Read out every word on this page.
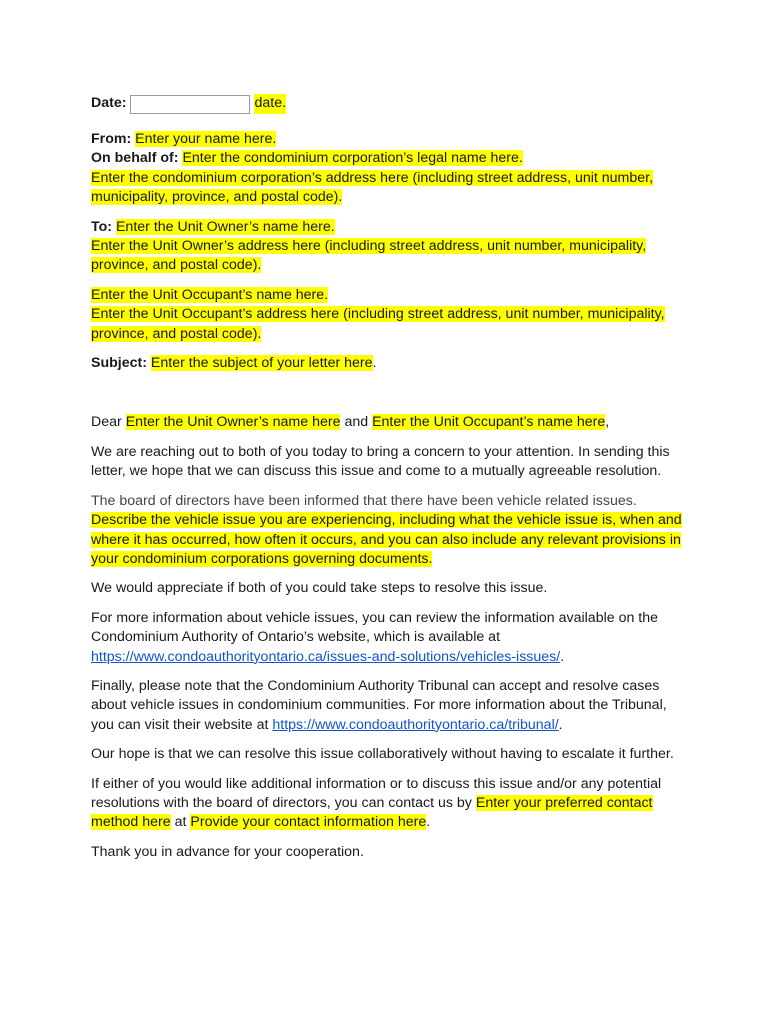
Date:	date.

From: Enter your name here.
On behalf of: Enter the condominium corporation’s legal name here.
Enter the condominium corporation’s address here (including street address, unit number, municipality, province, and postal code).

To: Enter the Unit Owner’s name here.
Enter the Unit Owner’s address here (including street address, unit number, municipality, province, and postal code).

Enter the Unit Occupant’s name here.
Enter the Unit Occupant’s address here (including street address, unit number, municipality, province, and postal code).

Subject: Enter the subject of your letter here.

Dear Enter the Unit Owner’s name here and Enter the Unit Occupant’s name here,

We are reaching out to both of you today to bring a concern to your attention. In sending this letter, we hope that we can discuss this issue and come to a mutually agreeable resolution.

The board of directors have been informed that there have been vehicle related issues.
Describe the vehicle issue you are experiencing, including what the vehicle issue is, when and where it has occurred, how often it occurs, and you can also include any relevant provisions in your condominium corporations governing documents.

We would appreciate if both of you could take steps to resolve this issue.

For more information about vehicle issues, you can review the information available on the Condominium Authority of Ontario’s website, which is available at https://www.condoauthorityontario.ca/issues-and-solutions/vehicles-issues/.

Finally, please note that the Condominium Authority Tribunal can accept and resolve cases about vehicle issues in condominium communities. For more information about the Tribunal, you can visit their website at https://www.condoauthorityontario.ca/tribunal/.

Our hope is that we can resolve this issue collaboratively without having to escalate it further.

If either of you would like additional information or to discuss this issue and/or any potential resolutions with the board of directors, you can contact us by Enter your preferred contact method here at Provide your contact information here.

Thank you in advance for your cooperation.
